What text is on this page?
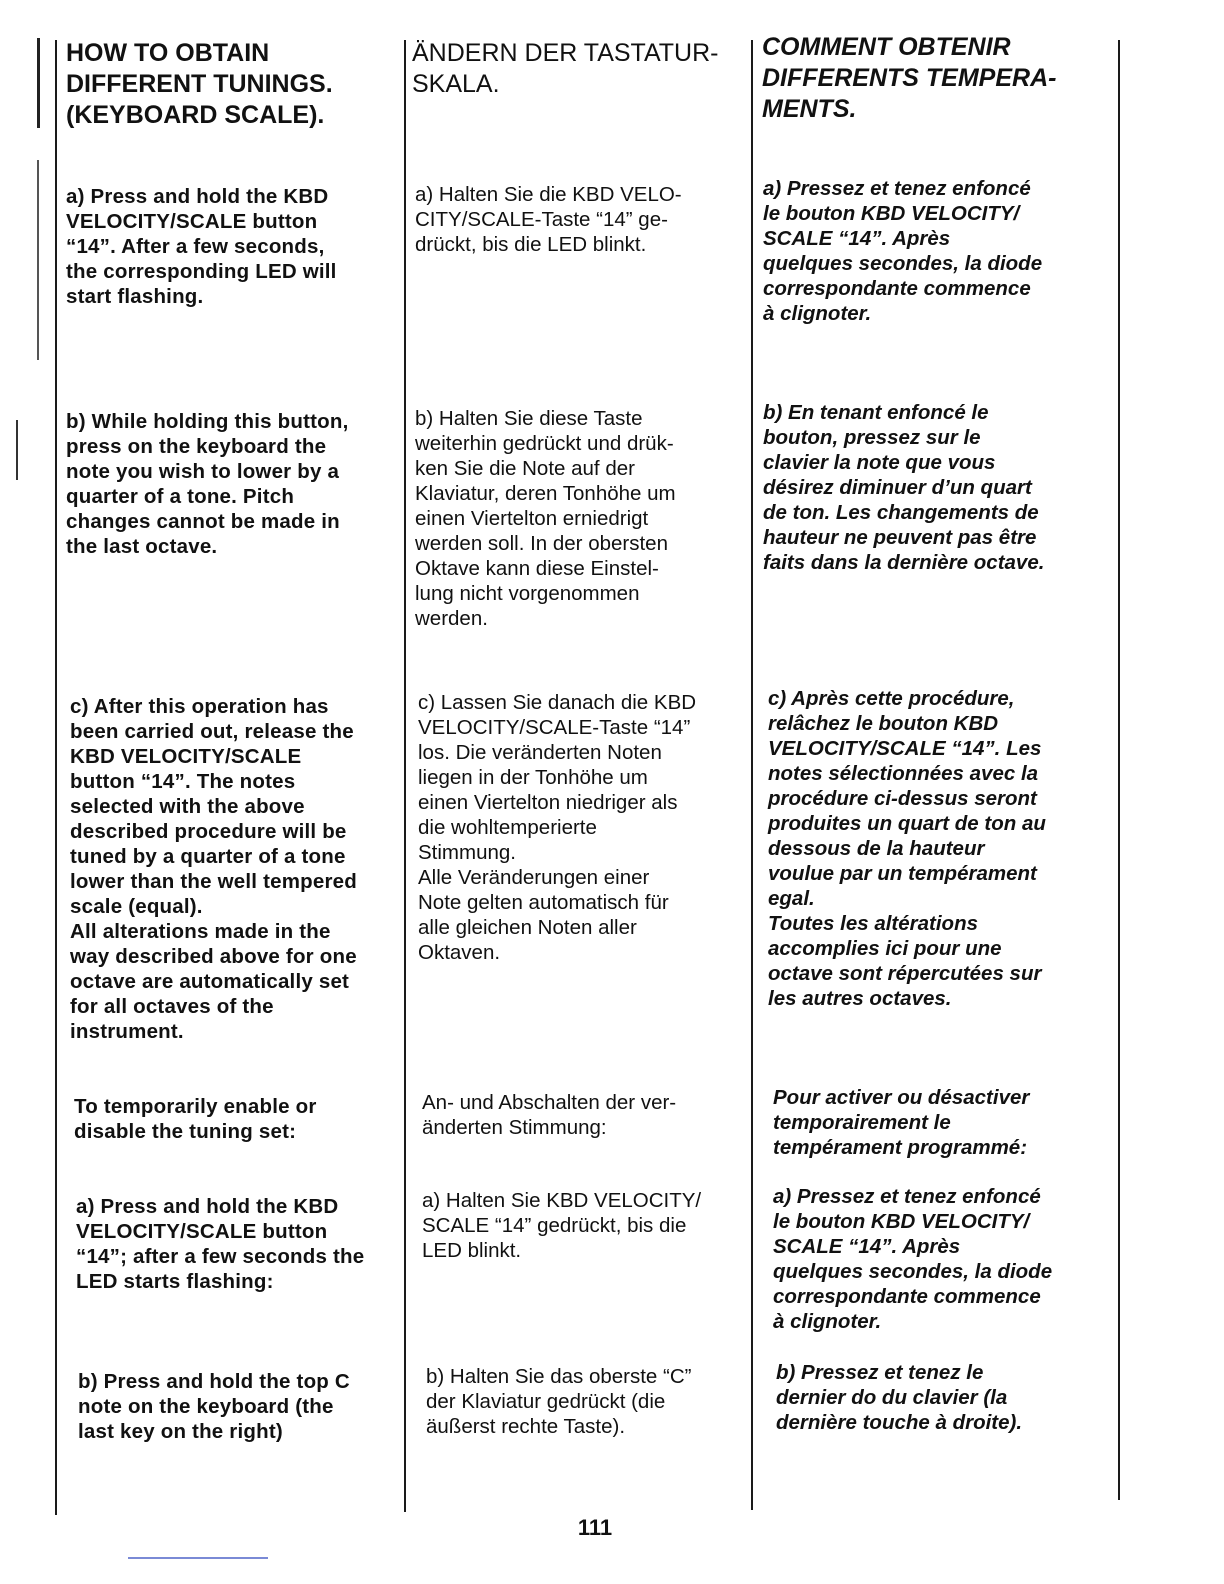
HOW TO OBTAIN
DIFFERENT TUNINGS.
(KEYBOARD SCALE).
ÄNDERN DER TASTATUR-
SKALA.
COMMENT OBTENIR
DIFFERENTS TEMPERA-
MENTS.
a) Press and hold the KBD
VELOCITY/SCALE button
“14”. After a few seconds,
the corresponding LED will
start flashing.
b) While holding this button,
press on the keyboard the
note you wish to lower by a
quarter of a tone. Pitch
changes cannot be made in
the last octave.
c) After this operation has
been carried out, release the
KBD VELOCITY/SCALE
button “14”. The notes
selected with the above
described procedure will be
tuned by a quarter of a tone
lower than the well tempered
scale (equal).
All alterations made in the
way described above for one
octave are automatically set
for all octaves of the
instrument.
To temporarily enable or
disable the tuning set:
a) Press and hold the KBD
VELOCITY/SCALE button
“14”; after a few seconds the
LED starts flashing:
b) Press and hold the top C
note on the keyboard (the
last key on the right)
a) Halten Sie die KBD VELO-
CITY/SCALE-Taste “14” ge-
drückt, bis die LED blinkt.
b) Halten Sie diese Taste
weiterhin gedrückt und drük-
ken Sie die Note auf der
Klaviatur, deren Tonhöhe um
einen Viertelton erniedrigt
werden soll. In der obersten
Oktave kann diese Einstel-
lung nicht vorgenommen
werden.
c) Lassen Sie danach die KBD
VELOCITY/SCALE-Taste “14”
los. Die veränderten Noten
liegen in der Tonhöhe um
einen Viertelton niedriger als
die wohltemperierte
Stimmung.
Alle Veränderungen einer
Note gelten automatisch für
alle gleichen Noten aller
Oktaven.
An- und Abschalten der ver-
änderten Stimmung:
a) Halten Sie KBD VELOCITY/
SCALE “14” gedrückt, bis die
LED blinkt.
b) Halten Sie das oberste “C”
der Klaviatur gedrückt (die
äußerst rechte Taste).
a) Pressez et tenez enfoncé
le bouton KBD VELOCITY/
SCALE “14”. Après
quelques secondes, la diode
correspondante commence
à clignoter.
b) En tenant enfoncé le
bouton, pressez sur le
clavier la note que vous
désirez diminuer d’un quart
de ton. Les changements de
hauteur ne peuvent pas être
faits dans la dernière octave.
c) Après cette procédure,
relâchez le bouton KBD
VELOCITY/SCALE “14”. Les
notes sélectionnées avec la
procédure ci-dessus seront
produites un quart de ton au
dessous de la hauteur
voulue par un tempérament
egal.
Toutes les altérations
accomplies ici pour une
octave sont répercutées sur
les autres octaves.
Pour activer ou désactiver
temporairement le
tempérament programmé:
a) Pressez et tenez enfoncé
le bouton KBD VELOCITY/
SCALE “14”. Après
quelques secondes, la diode
correspondante commence
à clignoter.
b) Pressez et tenez le
dernier do du clavier (la
dernière touche à droite).
111
